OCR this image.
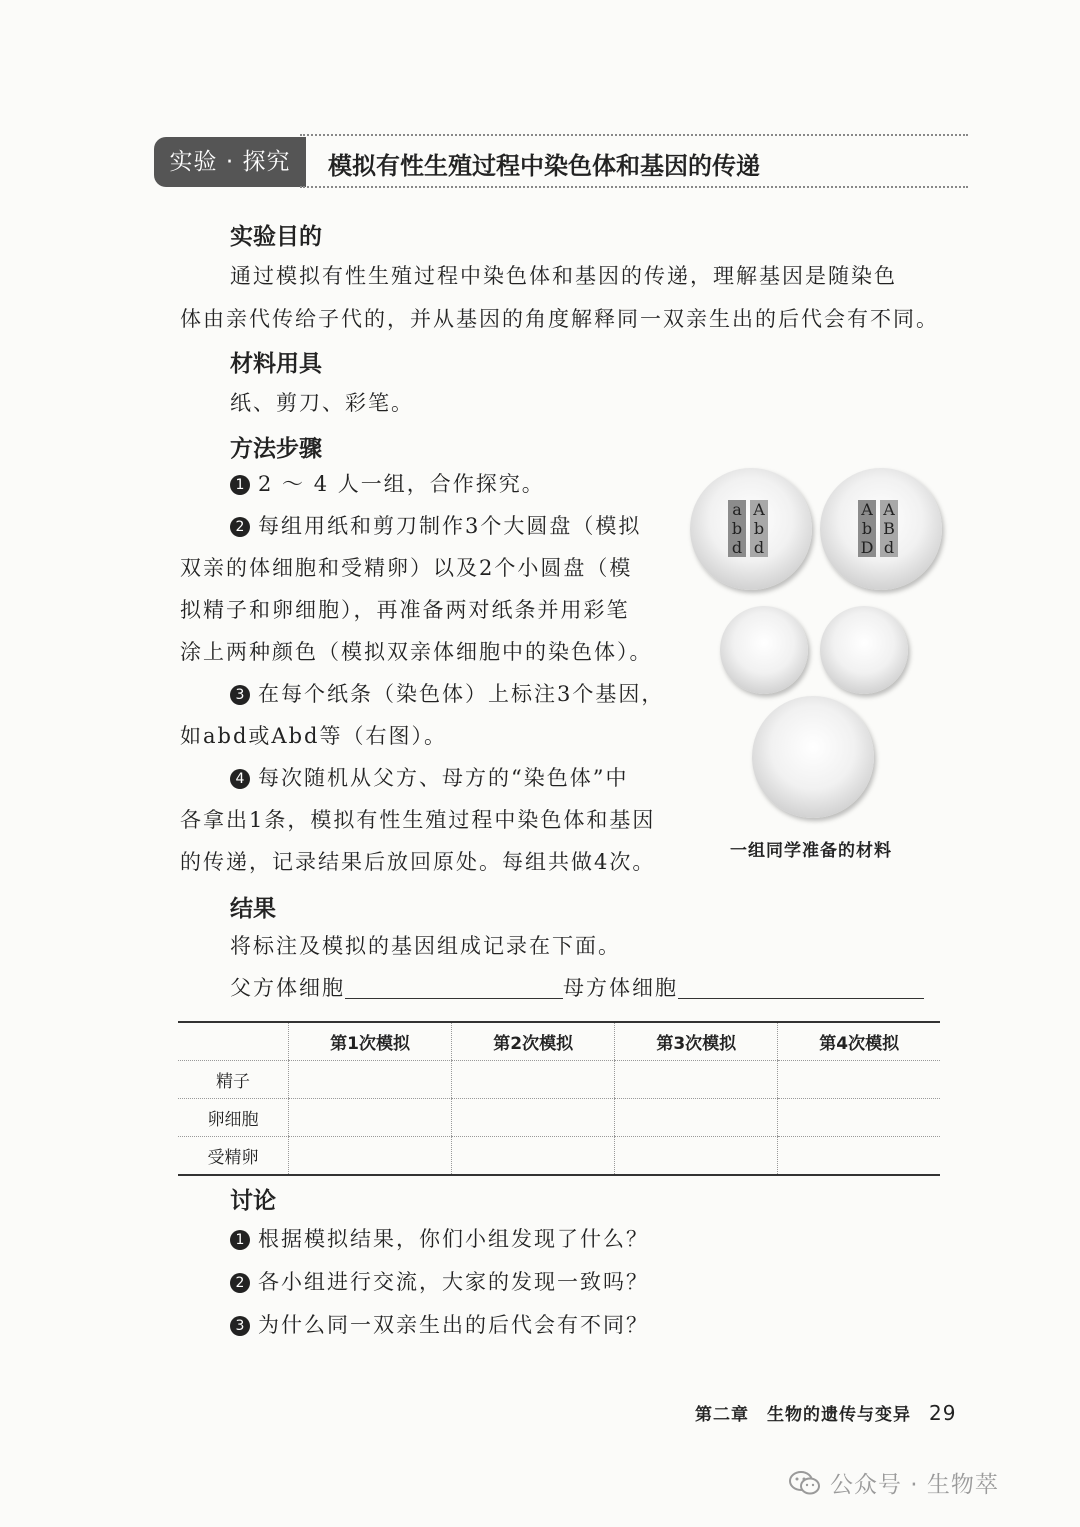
实验 · 探究	模拟有性生殖过程中染色体和基因的传递
实验目的
通过模拟有性生殖过程中染色体和基因的传递，理解基因是随染色
体由亲代传给子代的，并从基因的角度解释同一双亲生出的后代会有不同。
材料用具
纸、剪刀、彩笔。
方法步骤
1 2 ～ 4 人一组，合作探究。
2 每组用纸和剪刀制作3个大圆盘（模拟
双亲的体细胞和受精卵）以及2个小圆盘（模
拟精子和卵细胞），再准备两对纸条并用彩笔
涂上两种颜色（模拟双亲体细胞中的染色体）。
3 在每个纸条（染色体）上标注3个基因，
如abd或Abd等（右图）。
4 每次随机从父方、母方的“染色体”中
各拿出1条，模拟有性生殖过程中染色体和基因
的传递，记录结果后放回原处。每组共做4次。
a
b
d
A
b
d
A
b
D
A
B
d
一组同学准备的材料
结果
将标注及模拟的基因组成记录在下面。
父方体细胞	母方体细胞
	第1次模拟	第2次模拟	第3次模拟	第4次模拟
精子				
卵细胞				
受精卵				
讨论
1 根据模拟结果，你们小组发现了什么？
2 各小组进行交流，大家的发现一致吗？
3 为什么同一双亲生出的后代会有不同？
第二章　生物的遗传与变异 29
公众号 · 生物萃
